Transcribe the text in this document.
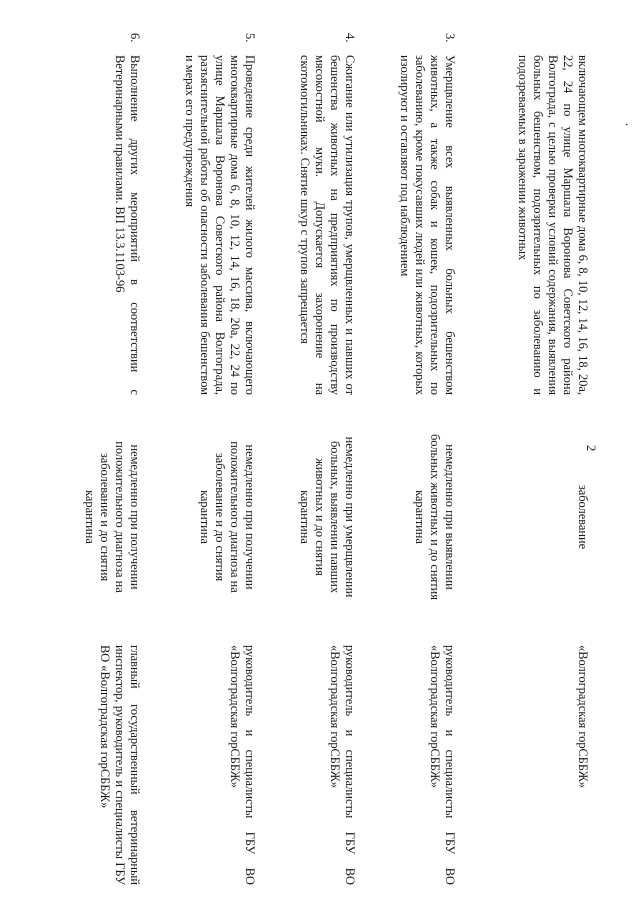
2
.
	включающем многоквартирные дома 6, 8, 10, 12, 14, 16, 18, 20а, 22, 24 по улице Маршала Воронова Советского района Волгограда, с целью проверки условий содержания, выявления больных бешенством, подозрительных по заболеванию и подозреваемых в заражении животных		заболевание		«Волгоградская горСББЖ»
3.	Умерщвление всех выявленных больных бешенством животных, а также собак и кошек, подозрительных по заболеванию, кроме покусавших людей или животных, которых изолируют и оставляют под наблюдением		немедленно при выявлении больных животных и до снятия карантина		руководитель и специалисты ГБУ ВО «Волгоградская горСББЖ»
4.	Сжигание или утилизация трупов, умерщвленных и павших от бешенства животных на предприятиях по производству мясокостной муки. Допускается захоронение на скотомогильниках. Снятие шкур с трупов запрещается		немедленно при умерщвлении больных, выявлении павших животных и до снятия карантина		руководитель и специалисты ГБУ ВО «Волгоградская горСББЖ»
5.	Проведение среди жителей жилого массива, включающего многоквартирные дома 6, 8, 10, 12, 14, 16, 18, 20а, 22, 24 по улице Маршала Воронова Советского района Волгограда, разъяснительной работы об опасности заболевания бешенством и мерах его предупреждения		немедленно при получении положительного диагноза на заболевание и до снятия карантина		руководитель и специалисты ГБУ ВО «Волгоградская горСББЖ»
6.	Выполнение других мероприятий в соответствии с Ветеринарными правилами. ВП 13.3.1103-96		немедленно при получении положительного диагноза на заболевание и до снятия карантина		главный государственный ветеринарный инспектор, руководитель и специалисты ГБУ ВО «Волгоградская горСББЖ»
